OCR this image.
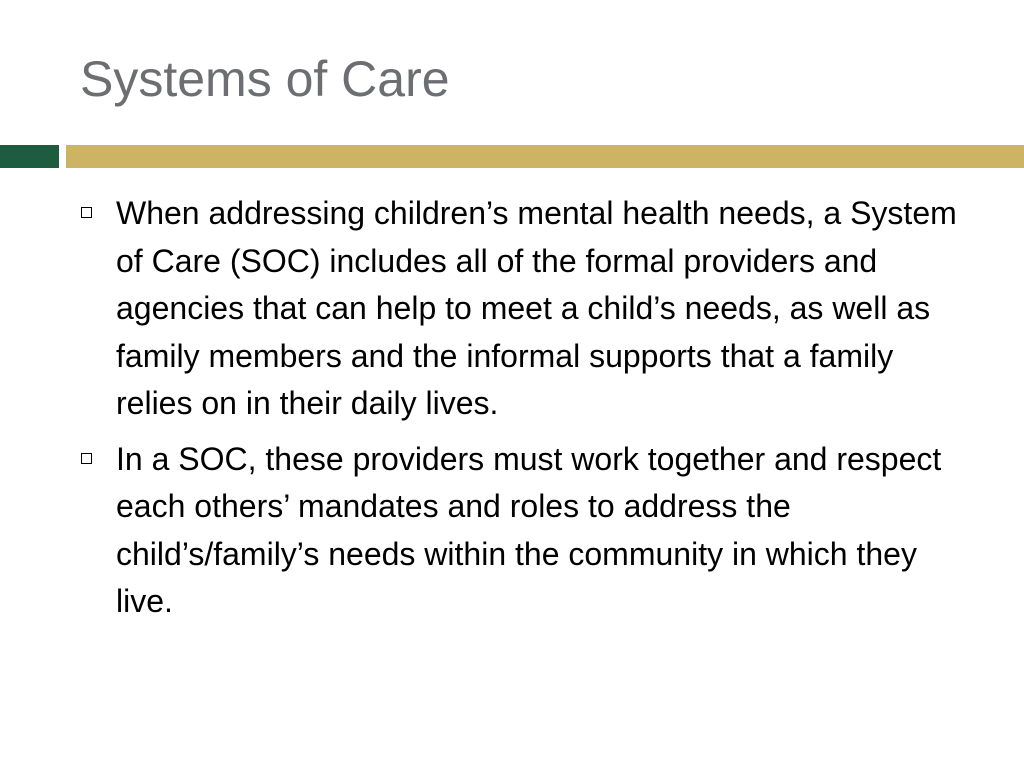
Systems of Care
When addressing children’s mental health needs, a System of Care (SOC) includes all of the formal providers and agencies that can help to meet a child’s needs, as well as family members and the informal supports that a family relies on in their daily lives.
In a SOC, these providers must work together and respect each others’ mandates and roles to address the child’s/family’s needs within the community in which they live.
